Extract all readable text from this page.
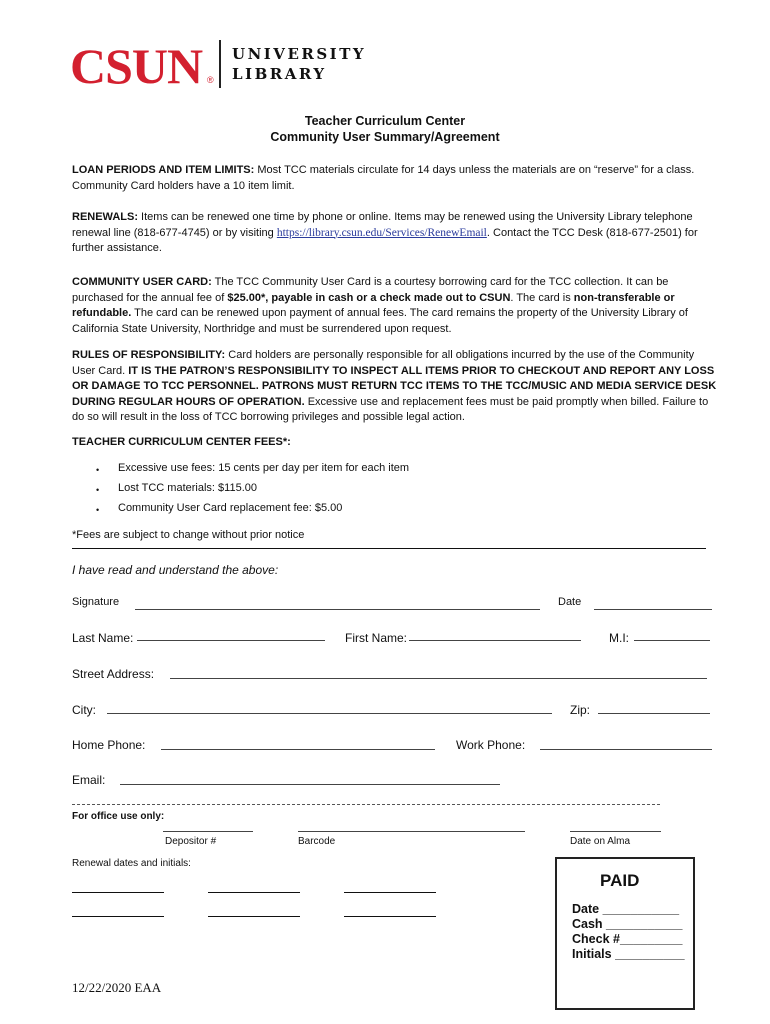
CSUN ®
UNIVERSITY
LIBRARY
Teacher Curriculum Center
Community User Summary/Agreement
LOAN PERIODS AND ITEM LIMITS: Most TCC materials circulate for 14 days unless the materials are on “reserve” for a class. Community Card holders have a 10 item limit.
RENEWALS: Items can be renewed one time by phone or online. Items may be renewed using the University Library telephone renewal line (818-677-4745) or by visiting https://library.csun.edu/Services/RenewEmail. Contact the TCC Desk (818-677-2501) for further assistance.
COMMUNITY USER CARD: The TCC Community User Card is a courtesy borrowing card for the TCC collection. It can be purchased for the annual fee of $25.00*, payable in cash or a check made out to CSUN. The card is non-transferable or refundable. The card can be renewed upon payment of annual fees. The card remains the property of the University Library of California State University, Northridge and must be surrendered upon request.
RULES OF RESPONSIBILITY: Card holders are personally responsible for all obligations incurred by the use of the Community User Card. IT IS THE PATRON’S RESPONSIBILITY TO INSPECT ALL ITEMS PRIOR TO CHECKOUT AND REPORT ANY LOSS OR DAMAGE TO TCC PERSONNEL. PATRONS MUST RETURN TCC ITEMS TO THE TCC/MUSIC AND MEDIA SERVICE DESK DURING REGULAR HOURS OF OPERATION. Excessive use and replacement fees must be paid promptly when billed. Failure to do so will result in the loss of TCC borrowing privileges and possible legal action.
TEACHER CURRICULUM CENTER FEES*:
• Excessive use fees: 15 cents per day per item for each item
• Lost TCC materials: $115.00
• Community User Card replacement fee: $5.00
*Fees are subject to change without prior notice
I have read and understand the above:
Signature	Date
Last Name:	First Name:	M.I:
Street Address:
City:	Zip:
Home Phone:	Work Phone:
Email:
For office use only:
Depositor #	Barcode	Date on Alma
Renewal dates and initials:
PAID
Date ___________
Cash ___________
Check #_________
Initials __________
12/22/2020 EAA
